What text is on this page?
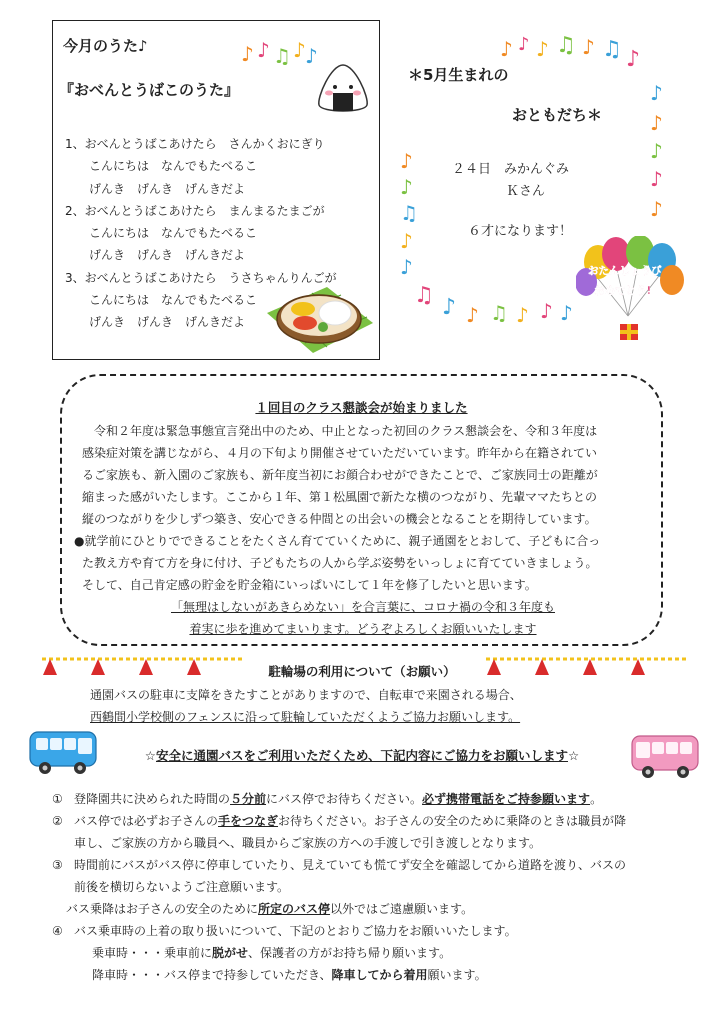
今月のうた♪
『おべんとうばこのうた』
1、おべんとうばこあけたら　さんかくおにぎり
こんにちは　なんでもたべるこ
げんき　げんき　げんきだよ
2、おべんとうばこあけたら　まんまるたまごが
こんにちは　なんでもたべるこ
げんき　げんき　げんきだよ
3、おべんとうばこあけたら　うさちゃんりんごが
こんにちは　なんでもたべるこ
げんき　げんき　げんきだよ
♪ ♪ ♫ ♪ ♪	♪ ♪ ♪ ♫ ♪ ♫ ♪
♪
♪
♪
♪
♪
♪
♪
♫
♪
♪
♫ ♪ ♪ ♫ ♪ ♪ ♪
＊5月生まれの
おともだち＊
２４日　みかんぐみ
Ｋさん
６才になります！
おたんじょうび
おめでとう!
１回目のクラス懇談会が始まりました
令和２年度は緊急事態宣言発出中のため、中止となった初回のクラス懇談会を、令和３年度は
感染症対策を講じながら、４月の下旬より開催させていただいています。昨年から在籍されてい
るご家族も、新入園のご家族も、新年度当初にお顔合わせができたことで、ご家族同士の距離が
縮まった感がいたします。ここから１年、第１松風園で新たな横のつながり、先輩ママたちとの
縦のつながりを少しずつ築き、安心できる仲間との出会いの機会となることを期待しています。
●就学前にひとりでできることをたくさん育てていくために、親子通園をとおして、子どもに合っ
た教え方や育て方を身に付け、子どもたちの人から学ぶ姿勢をいっしょに育てていきましょう。
そして、自己肯定感の貯金を貯金箱にいっぱいにして１年を修了したいと思います。
「無理はしないがあきらめない」を合言葉に、コロナ禍の令和３年度も
着実に歩を進めてまいります。どうぞよろしくお願いいたします
駐輪場の利用について（お願い）
通園バスの駐車に支障をきたすことがありますので、自転車で来園される場合、
西鶴間小学校側のフェンスに沿って駐輪していただくようご協力お願いします。
☆安全に通園バスをご利用いただくため、下記内容にご協力をお願いします☆
① 登降園共に決められた時間の５分前にバス停でお待ちください。必ず携帯電話をご持参願います。
② バス停では必ずお子さんの手をつなぎお待ちください。お子さんの安全のために乗降のときは職員が降
車し、ご家族の方から職員へ、職員からご家族の方への手渡しで引き渡しとなります。
③ 時間前にバスがバス停に停車していたり、見えていても慌てず安全を確認してから道路を渡り、バスの
前後を横切らないようご注意願います。
バス乗降はお子さんの安全のために所定のバス停以外ではご遠慮願います。
④ バス乗車時の上着の取り扱いについて、下記のとおりご協力をお願いいたします。
乗車時・・・乗車前に脱がせ、保護者の方がお持ち帰り願います。
降車時・・・バス停まで持参していただき、降車してから着用願います。
